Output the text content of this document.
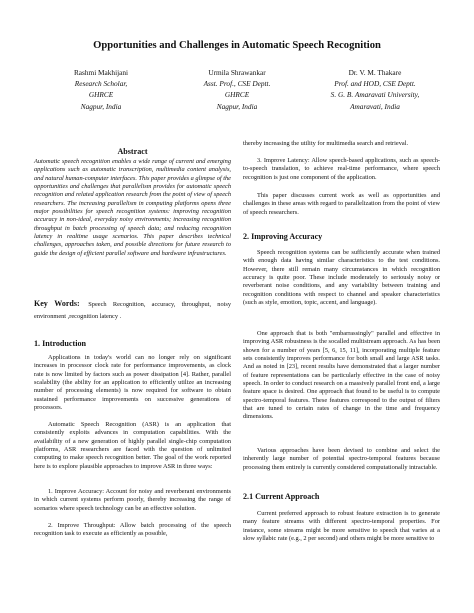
Opportunities and Challenges in Automatic Speech Recognition
Rashmi Makhijani
Research Scholar,
GHRCE
Nagpur, India
Urmila Shrawankar
Asst. Prof., CSE Deptt.
GHRCE
Nagpur, India
Dr. V. M. Thakare
Prof. and HOD, CSE Deptt.
S. G. B. Amaravati University,
Amaravati, India
Abstract

Automatic speech recognition enables a wide range of current and emerging applications such as automatic transcription, multimedia content analysis, and natural human-computer interfaces. This paper provides a glimpse of the opportunities and challenges that parallelism provides for automatic speech recognition and related application research from the point of view of speech researchers. The increasing parallelism in computing platforms opens three major possibilities for speech recognition systems: improving recognition accuracy in non-ideal, everyday noisy environments; increasing recognition throughput in batch processing of speech data; and reducing recognition latency in realtime usage scenarios. This paper describes technical challenges, approaches taken, and possible directions for future research to guide the design of efficient parallel software and hardware infrastructures.

Key Words: Speech Recognition, accuracy, throughput, noisy environment ,recognition latency .
1. Introduction

Applications in today's world can no longer rely on significant increases in processor clock rate for performance improvements, as clock rate is now limited by factors such as power dissipation [4]. Rather, parallel scalability (the ability for an application to efficiently utilize an increasing number of processing elements) is now required for software to obtain sustained performance improvements on successive generations of processors.

Automatic Speech Recognition (ASR) is an application that consistently exploits advances in computation capabilities. With the availability of a new generation of highly parallel single-chip computation platforms, ASR researchers are faced with the question of unlimited computing to make speech recognition better. The goal of the work reported here is to explore plausible approaches to improve ASR in three ways:

1. Improve Accuracy: Account for noisy and reverberant environments in which current systems perform poorly, thereby increasing the range of scenarios where speech technology can be an effective solution.

2. Improve Throughput: Allow batch processing of the speech recognition task to execute as efficiently as possible,

thereby increasing the utility for multimedia search and retrieval.

3. Improve Latency: Allow speech-based applications, such as speech-to-speech translation, to achieve real-time performance, where speech recognition is just one component of the application.

This paper discusses current work as well as opportunities and challenges in these areas with regard to parallelization from the point of view of speech researchers.

2. Improving Accuracy

Speech recognition systems can be sufficiently accurate when trained with enough data having similar characteristics to the test conditions. However, there still remain many circumstances in which recognition accuracy is quite poor. These include moderately to seriously noisy or reverberant noise conditions, and any variability between training and recognition conditions with respect to channel and speaker characteristics (such as style, emotion, topic, accent, and language).

One approach that is both "embarrassingly" parallel and effective in improving ASR robustness is the socalled multistream approach. As has been shown for a number of years [5, 6, 15, 11], incorporating multiple feature sets consistently improves performance for both small and large ASR tasks. And as noted in [23], recent results have demonstrated that a larger number of feature representations can be particularly effective in the case of noisy speech. In order to conduct research on a massively parallel front end, a large feature space is desired. One approach that found to be useful is to compute spectro-temporal features. These features correspond to the output of filters that are tuned to certain rates of change in the time and frequency dimensions.

Various approaches have been devised to combine and select the inherently large number of potential spectro-temporal features because processing them entirely is currently considered computationally intractable.

2.1 Current Approach

Current preferred approach to robust feature extraction is to generate many feature streams with different spectro-temporal properties. For instance, some streams might be more sensitive to speech that varies at a slow syllabic rate (e.g., 2 per second) and others might be more sensitive to
